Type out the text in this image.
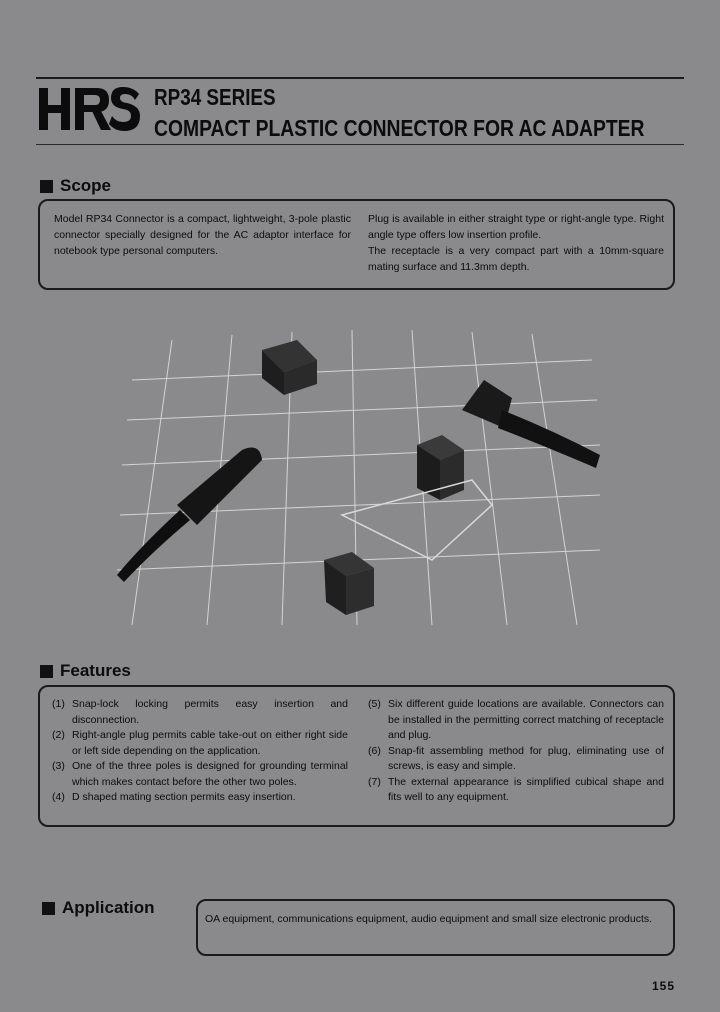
RP34 SERIES
COMPACT PLASTIC CONNECTOR FOR AC ADAPTER
Scope
Model RP34 Connector is a compact, lightweight, 3-pole plastic connector specially designed for the AC adaptor interface for notebook type personal computers.
Plug is available in either straight type or right-angle type. Right angle type offers low insertion profile.
The receptacle is a very compact part with a 10mm-square mating surface and 11.3mm depth.
Features
(1) Snap-lock locking permits easy insertion and disconnection.
(2) Right-angle plug permits cable take-out on either right side or left side depending on the application.
(3) One of the three poles is designed for grounding terminal which makes contact before the other two poles.
(4) D shaped mating section permits easy insertion.
(5) Six different guide locations are available. Connectors can be installed in the permitting correct matching of receptacle and plug.
(6) Snap-fit assembling method for plug, eliminating use of screws, is easy and simple.
(7) The external appearance is simplified cubical shape and fits well to any equipment.
Application
OA equipment, communications equipment, audio equipment and small size electronic products.
155
